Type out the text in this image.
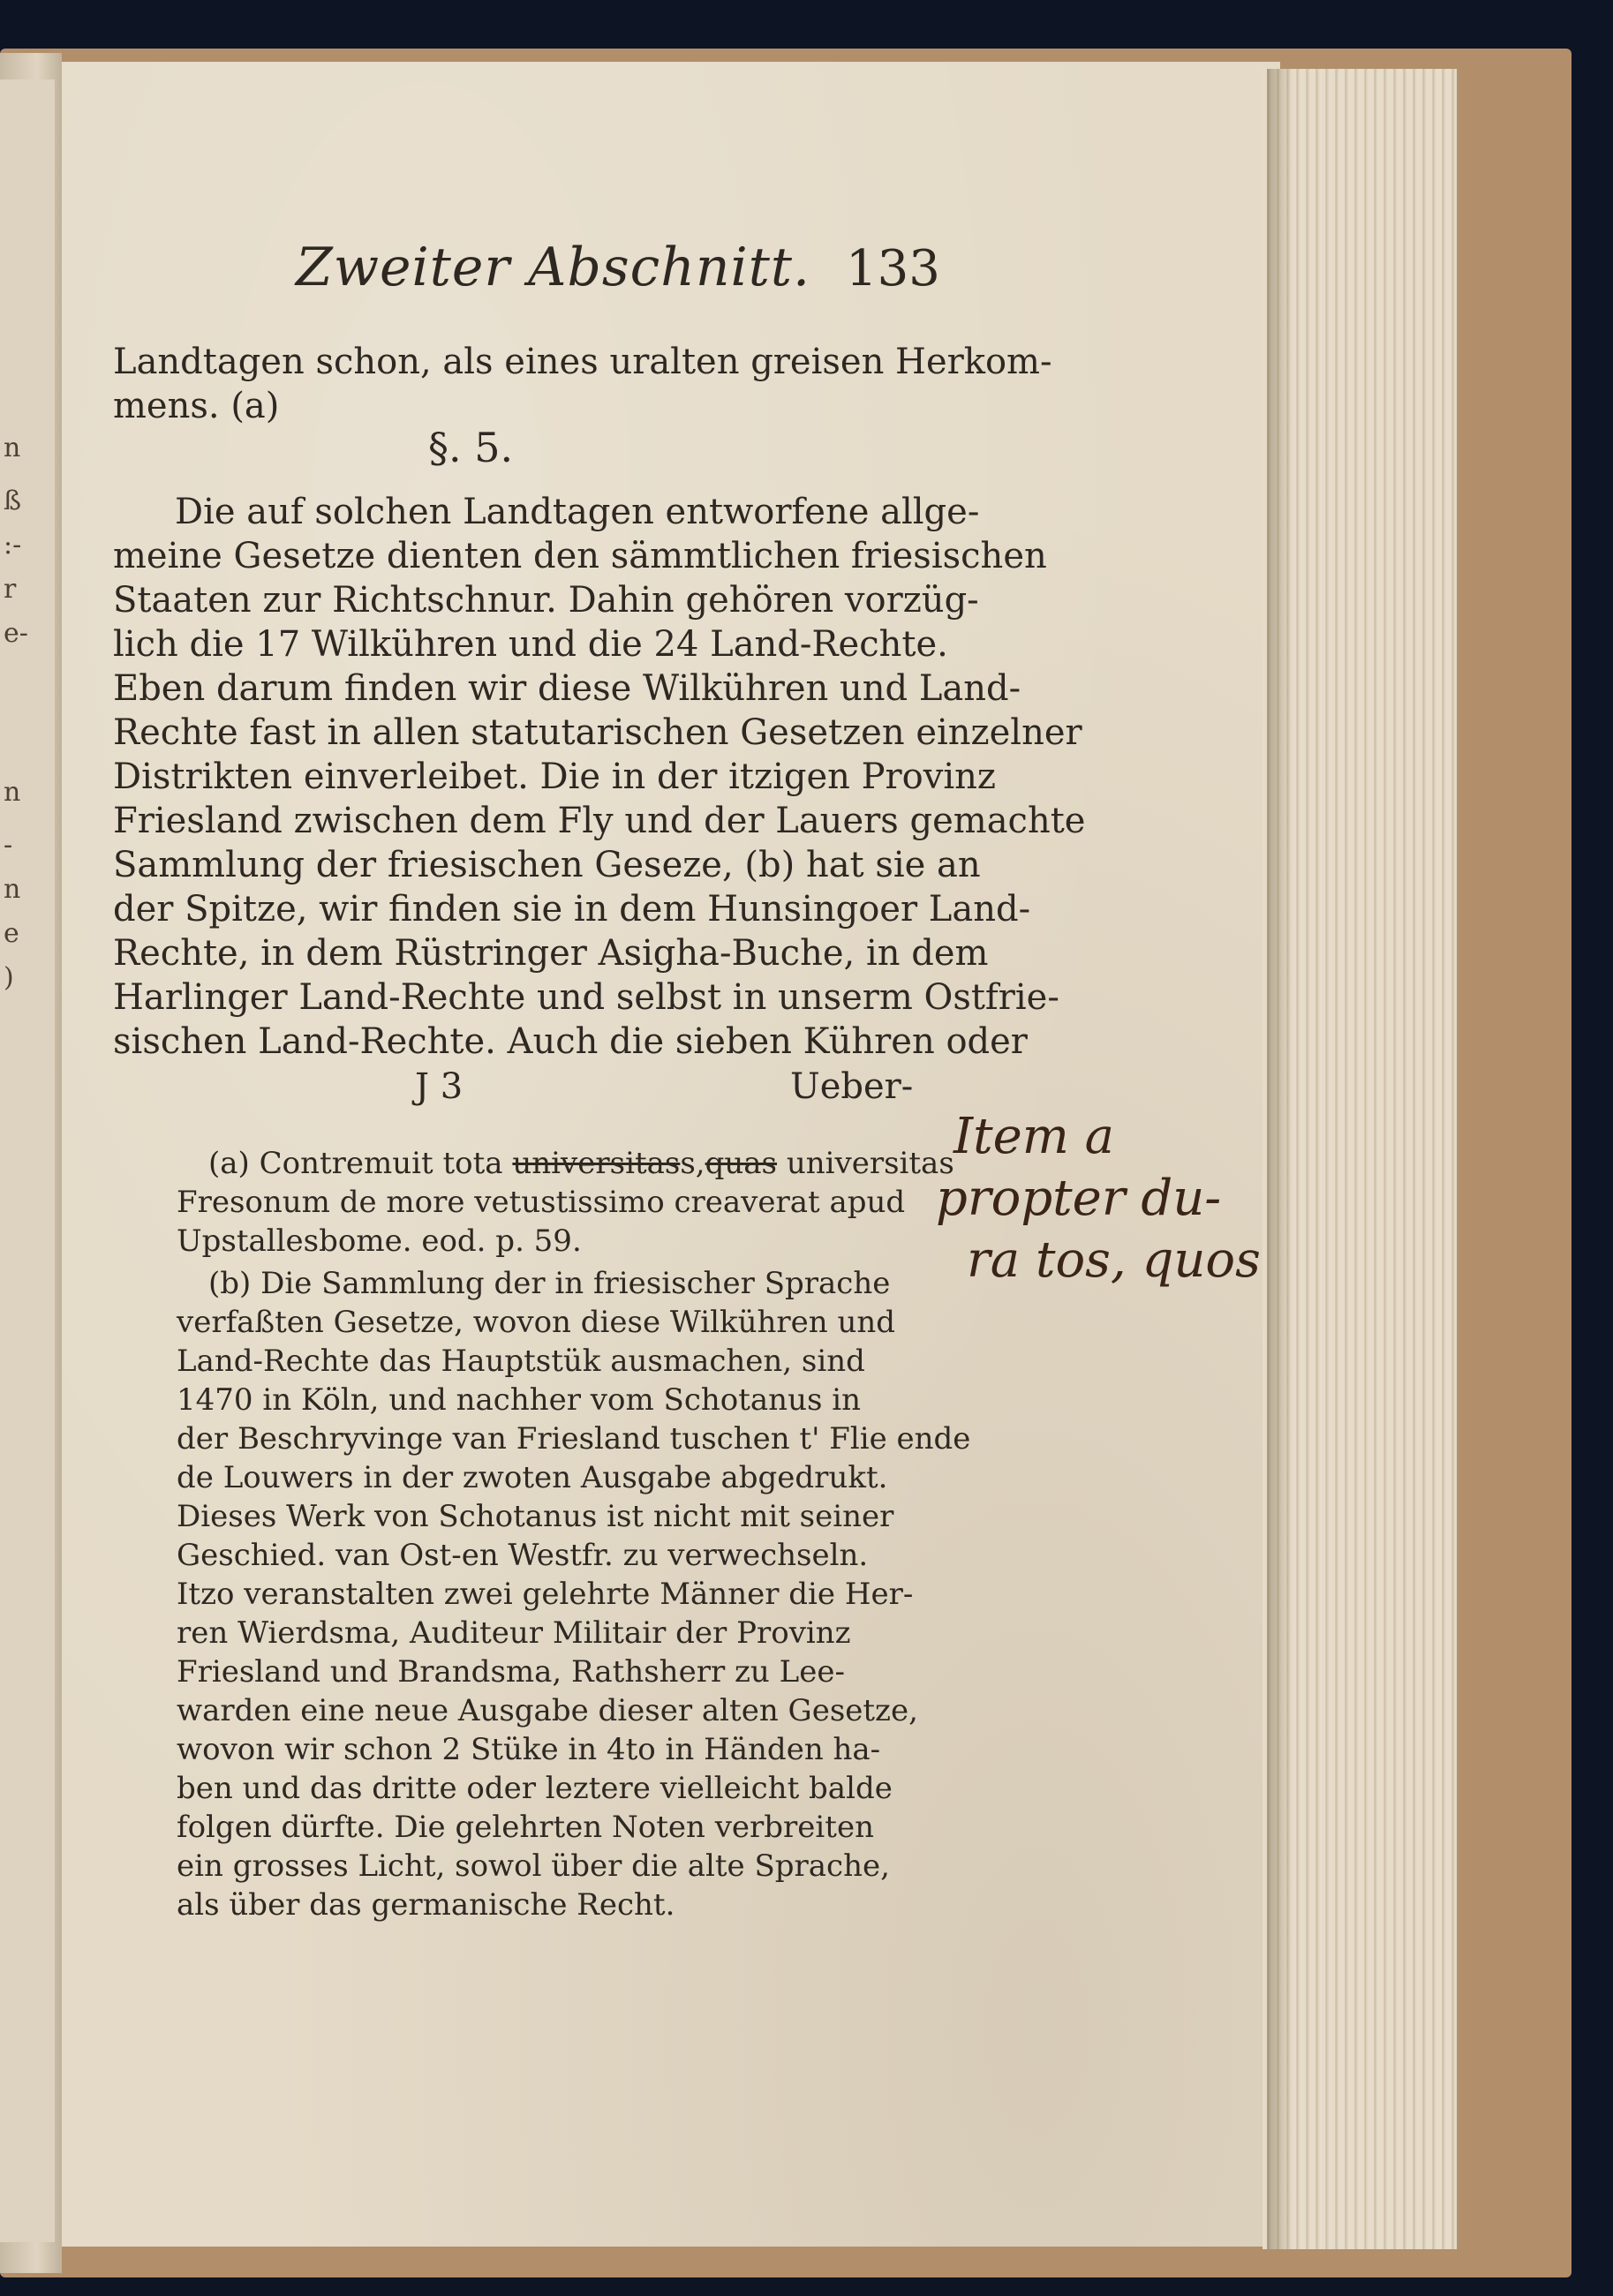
n
ß
:-
r
e-
n
-
n
e
)
Zweiter Abschnitt. 133
Landtagen schon, als eines uralten greisen Herkom-
mens. (a)
§. 5.
Die auf solchen Landtagen entworfene allge-
meine Gesetze dienten den sämmtlichen friesischen
Staaten zur Richtschnur. Dahin gehören vorzüg-
lich die 17 Wilkühren und die 24 Land-Rechte.
Eben darum finden wir diese Wilkühren und Land-
Rechte fast in allen statutarischen Gesetzen einzelner
Distrikten einverleibet. Die in der itzigen Provinz
Friesland zwischen dem Fly und der Lauers gemachte
Sammlung der friesischen Geseze, (b) hat sie an
der Spitze, wir finden sie in dem Hunsingoer Land-
Rechte, in dem Rüstringer Asigha-Buche, in dem
Harlinger Land-Rechte und selbst in unserm Ostfrie-
sischen Land-Rechte. Auch die sieben Kühren oder
J 3	Ueber-
(a) Contremuit tota universitass,quas universitas
Fresonum de more vetustissimo creaverat apud
Upstallesbome. eod. p. 59.
(b) Die Sammlung der in friesischer Sprache
verfaßten Gesetze, wovon diese Wilkühren und
Land-Rechte das Hauptstük ausmachen, sind
1470 in Köln, und nachher vom Schotanus in
der Beschryvinge van Friesland tuschen t' Flie ende
de Louwers in der zwoten Ausgabe abgedrukt.
Dieses Werk von Schotanus ist nicht mit seiner
Geschied. van Ost-en Westfr. zu verwechseln.
Itzo veranstalten zwei gelehrte Männer die Her-
ren Wierdsma, Auditeur Militair der Provinz
Friesland und Brandsma, Rathsherr zu Lee-
warden eine neue Ausgabe dieser alten Gesetze,
wovon wir schon 2 Stüke in 4to in Händen ha-
ben und das dritte oder leztere vielleicht balde
folgen dürfte. Die gelehrten Noten verbreiten
ein grosses Licht, sowol über die alte Sprache,
als über das germanische Recht.
Item a
propter du-
ra tos, quos
